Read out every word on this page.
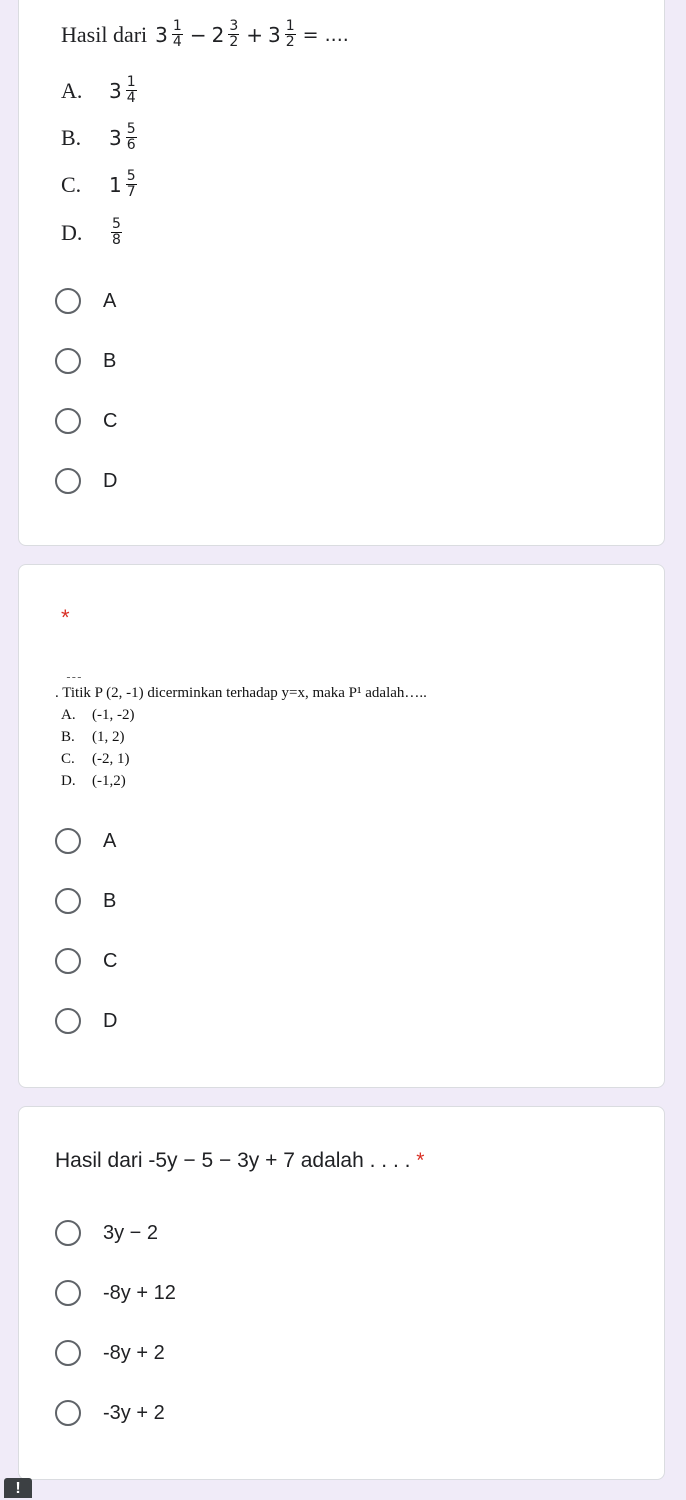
Hasil dari $3 \frac{1}{4} - 2 \frac{3}{2} + 3 \frac{1}{2}$ = ....
A.	$3 \frac{1}{4}$
B.	$3 \frac{5}{6}$
C.	$1 \frac{5}{7}$
D.	$\frac{5}{8}$
A
B
C
D
*
ـ ـ ـ
. Titik P (2, -1) dicerminkan terhadap y=x, maka P¹ adalah…..
A.	(-1, -2)
B.	(1, 2)
C.	(-2, 1)
D.	(-1,2)
A
B
C
D
Hasil dari -5y − 5 − 3y + 7 adalah . . . . *
3y − 2
-8y + 12
-8y + 2
-3y + 2
!
